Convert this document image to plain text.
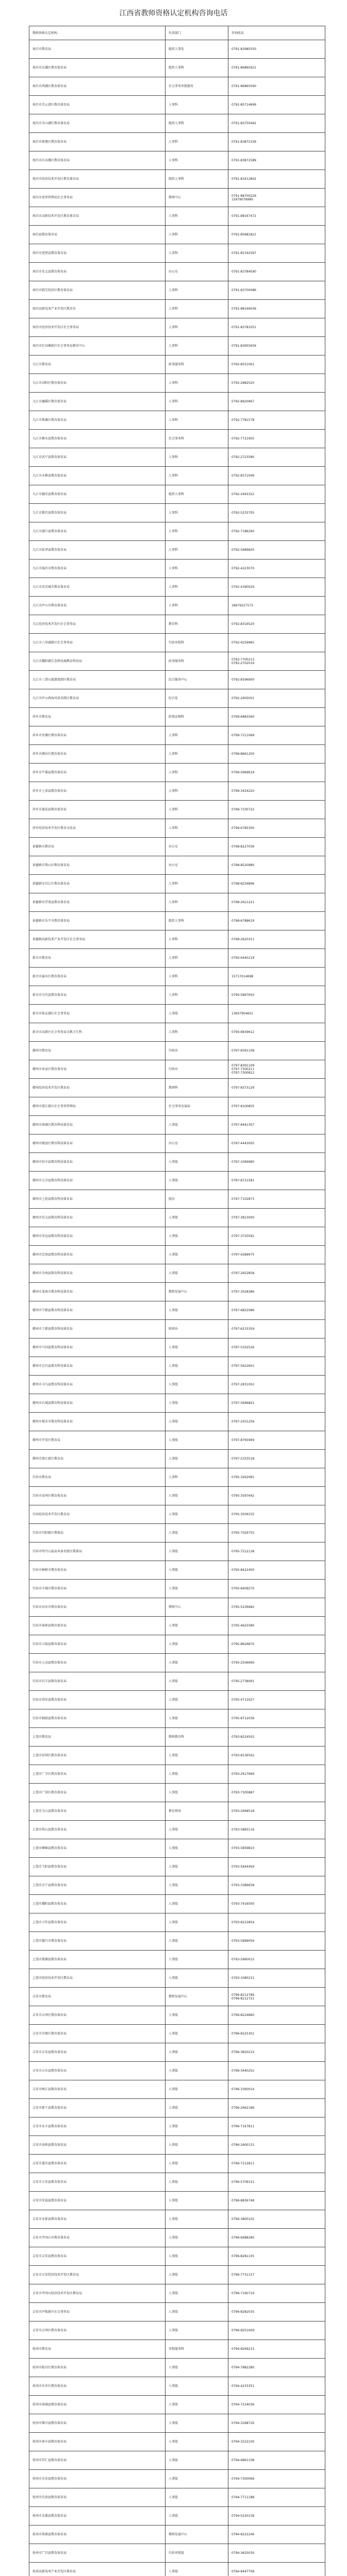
江西省教师资格认定机构咨询电话
教师资格认定机构	负责部门	咨询电话
南昌市教育局	组织人事处	0791-83985550
南昌市东湖区教育体育局	组织人事科	0791-86865921
南昌市西湖区教育体育局	社会事务审批服务	0791-86865560
南昌市青云谱区教育体育局	人事科	0791-85714699
南昌市青山湖区教育体育局	组织人事科	0791-83750462
南昌市新建区教育体育局	人事科	0791-83872339
南昌市红谷滩区教育体育局	人事科	0791-83872589
南昌市经济技术开发区教育体育局	组织人事科	0791-83412802
南昌市湾里管理局社会事务局	教研中心	0791-88700229
15979078980
南昌市高新技术开发区教育体育局	人事科	0791-88167472
南昌县教育体育局	人事科	0791-85681821
南昌市进贤县教育体育局	人事科	0791-85192597
南昌市安义县教育体育局	办公室	0791-83784590
南昌市临空经济区教育体育局	人事科	0791-83700086
南昌高新技术产业开发区教育办	人事科	0791-88169036
南昌市经济技术开发区社会事务局	人事科	0791-83781051
南昌市红谷滩新区社会事务局教育中心	人事科	0791-83955656
九江市教育局	政务服务科	0792-8551061
九江市浔阳区教育体育局	人事科	0792-2882520
九江市濂溪区教育体育局	人事科	0792-8920967
九江市柴桑区教育体育局	人事科	0792-7781578
九江市修水县教育体育局	社会事务科	0792-7721955
九江市武宁县教育体育局	人事科	0792-2723580
九江市永修县教育体育局	人事科	0792-8371006
九江市德安县教育体育局	组织人事科	0792-2463322
九江市都昌县教育体育局	人事科	0792-5233705
九江市湖口县教育体育局	人事科	0792-7186290
九江市彭泽县教育体育局	人事科	0792-5689820
九江市瑞昌市教育体育局	人事科	0792-4223070
九江市共青城市教育体育局	人事科	0792-4390029
九江市庐山市教育体育局	人事科	18979227573
九江经济技术开发区社会事务局	教育科	0792-8316520
九江市八里湖新区社会事务局	行政审批科	0792-4259965
九江市鄱阳湖生态科技城教育科技局	政务服务科	0792-7700213
0792-2702016
九江市三清山旅游度假区教育局	综合服务中心	0792-8596900
九江市庐山西海风景名胜区教育局	综合处	0792-2905001
萍乡市教育局	政策法规科	0799-6883560
萍乡市安源区教育体育局	人事科	0799-7211069
萍乡市湘东区教育体育局	人事科	0799-8661200
萍乡市芦溪县教育体育局	人事科	0799-5969619
萍乡市上栗县教育体育局	人事科	0799-3424220
萍乡市莲花县教育体育局	人事科	0799-7330722
萍乡经济技术开发区教育文化局	人事科	0799-6785300
景德镇市教育局	办公室	0798-8227036
景德镇市珠山区教育体育局	办公室	0798-8520980
景德镇市昌江区教育体育局	人事科	0798-8256896
景德镇市浮梁县教育体育局	人事科	0798-2621221
景德镇市乐平市教育体育局	组织人事科	0798-6788619
景德镇高新技术产业开发区社会事务局	人事科	0798-2620311
新余市教育局	人事科	0790-6440219
新余市渝水区教育体育局	人事科	15717014698
新余市分宜县教育体育局	人事科	0790-5897650
新余市仙女湖区社会事务局	人事股	13607904651
新余市高新区社会事务局文教卫生科	人事科	0790-6839612
赣州市教育局	行政办	0797-8391108
赣州市章贡区教育体育局	行政办	0797-8391109
0797-7300211
0797-7300812
赣州经济技术开发区教育局	教研科	0797-8373129
赣州市蓉江新区社会事务管理局	社会事务发展局	0797-8100855
赣州市南康区教育科技体育局	人事股	0797-6641307
赣州市赣县区教育科技体育局	办公室	0797-4443005
赣州市信丰县教育科技体育局	人事股	0797-3369985
赣州市大余县教育科技体育局	人事股	0797-8721581
赣州市上犹县教育科技体育局	股办	0797-7102873
赣州市崇义县教育科技体育局	人事股	0797-3813000
赣州市安远县教育科技体育局	人事股	0797-3720592
赣州市定南县教育科技体育局	人事股	0797-4289975
赣州市全南县教育科技体育局	人事股	0797-2652858
赣州市龙南市教育科技体育局	教师发展中心	0797-3528386
赣州市宁都县教育科技体育局	人事股	0797-6822086
赣州市于都县教育科技体育局	师训办	0797-6233359
赣州市兴国县教育科技体育局	人事股	0797-5332526
赣州市会昌县教育科技体育局	人事股	0797-5622601
赣州市寻乌县教育科技体育局	人事股	0797-2831002
赣州市石城县教育科技体育局	人事股	0797-5696841
赣州市瑞金市教育科技体育局	人事股	0797-2501259
赣州市开发区教育局	人事股	0797-8765969
赣州市蓉江新区教育局	人事股	0797-2333518
宜春市教育局	人事科	0795-3262081
宜春市袁州区教育体育局	人事股	0795-3597642
宜春经济技术开发区教育局	人事股	0795-3509155
宜春市宜阳新区教体局	人事股	0795-7029755
宜春市明月山温泉风景名胜区教体局	人事股	0795-7212128
宜春市樟树市教育体育局	人事股	0795-8422450
宜春市丰城市教育体育局	人事股	0795-6609270
宜春市高安市教育体育局	教师中心	0795-5236682
宜春市奉新县教育体育局	人事股	0795-4625580
宜春市万载县教育体育局	人事股	0795-8626870
宜春市上高县教育体育局	人事股	0795-2506690
宜春市宜丰县教育体育局	人事股	0795-2738091
宜春市靖安县教育体育局	人事股	0795-4712027
宜春市铜鼓县教育体育局	人事股	0795-8712036
上饶市教育局	教师教育科	0793-8224502
上饶市信州区教育体育局	人事股	0793-8136502
上饶市广丰区教育体育局	人事股	0793-2617669
上饶市广信区教育体育局	人事股	0793-7305887
上饶市玉山县教育体育局	教育督导	0793-2668518
上饶市铅山县教育体育局	人事股	0793-5883116
上饶市横峰县教育体育局	人事股	0793-5859810
上饶市弋阳县教育体育局	人事股	0793-5644459
上饶市余干县教育体育局	人事股	0793-3389658
上饶市鄱阳县教育体育局	人事股	0793-7416500
上饶市万年县教育体育局	人事股	0793-8222854
上饶市德兴市教育体育局	人事股	0793-5899059
上饶市婺源县教育体育局	人事股	0793-5960015
上饶市经济技术开发区教育局	人事股	0793-3380215
吉安市教育局	教师发展中心	0796-8212789
0796-8212721
吉安市吉州区教育体育局	人事股	0796-8224860
吉安市青原区教育体育局	人事股	0796-8225301
吉安市吉安县教育体育局	人事股	0796-3820210
吉安市吉水县教育体育局	人事股	0796-3440252
吉安市峡江县教育体育局	人事股	0796-3360014
吉安市新干县教育体育局	人事股	0796-2662186
吉安市永丰县教育体育局	人事股	0796-7167811
吉安市泰和县教育体育局	人事股	0796-2600131
吉安市遂川县教育体育局	人事股	0796-7212811
吉安市万安县教育体育局	人事股	0796-5709151
吉安市安福县教育体育局	人事股	0796-8836748
吉安市永新县教育体育局	人事股	0796-3800102
吉安市井冈山市教育体育局	人事股	0796-6688280
吉安市吉安县教育体育局	人事股	0796-8281105
吉安市吉安经济技术开发区教育局	人事股	0796-7731157
吉安市井冈山经济技术开发区教育局	人事股	0796-7160719
吉安市庐陵新区社会事务局	人事股	0796-8282035
吉安市吉州区教育体育局	人事股	0796-8251009
抚州市教育局	审批服务科	0794-8269215
抚州市临川区教育体育局	人事股	0794-7882280
抚州市东乡区教育体育局	人事股	0794-4233351
抚州市南城县教育体育局	人事股	0794-7234036
抚州市黎川县教育体育局	人事股	0794-3268726
抚州市南丰县教育体育局	人事股	0794-3222100
抚州市崇仁县教育体育局	人事股	0794-6861108
抚州市乐安县教育体育局	人事股	0794-7300069
抚州市宜黄县教育体育局	人事股	0794-7711188
抚州市金溪县教育体育局	人事股	0794-5220158
抚州市资溪县教育体育局	教师发展中心	0794-8222246
抚州市广昌县教育体育局	行政审批股	0794-3625030
抚州高新技术产业开发区教育局	人事股	0794-8447758
